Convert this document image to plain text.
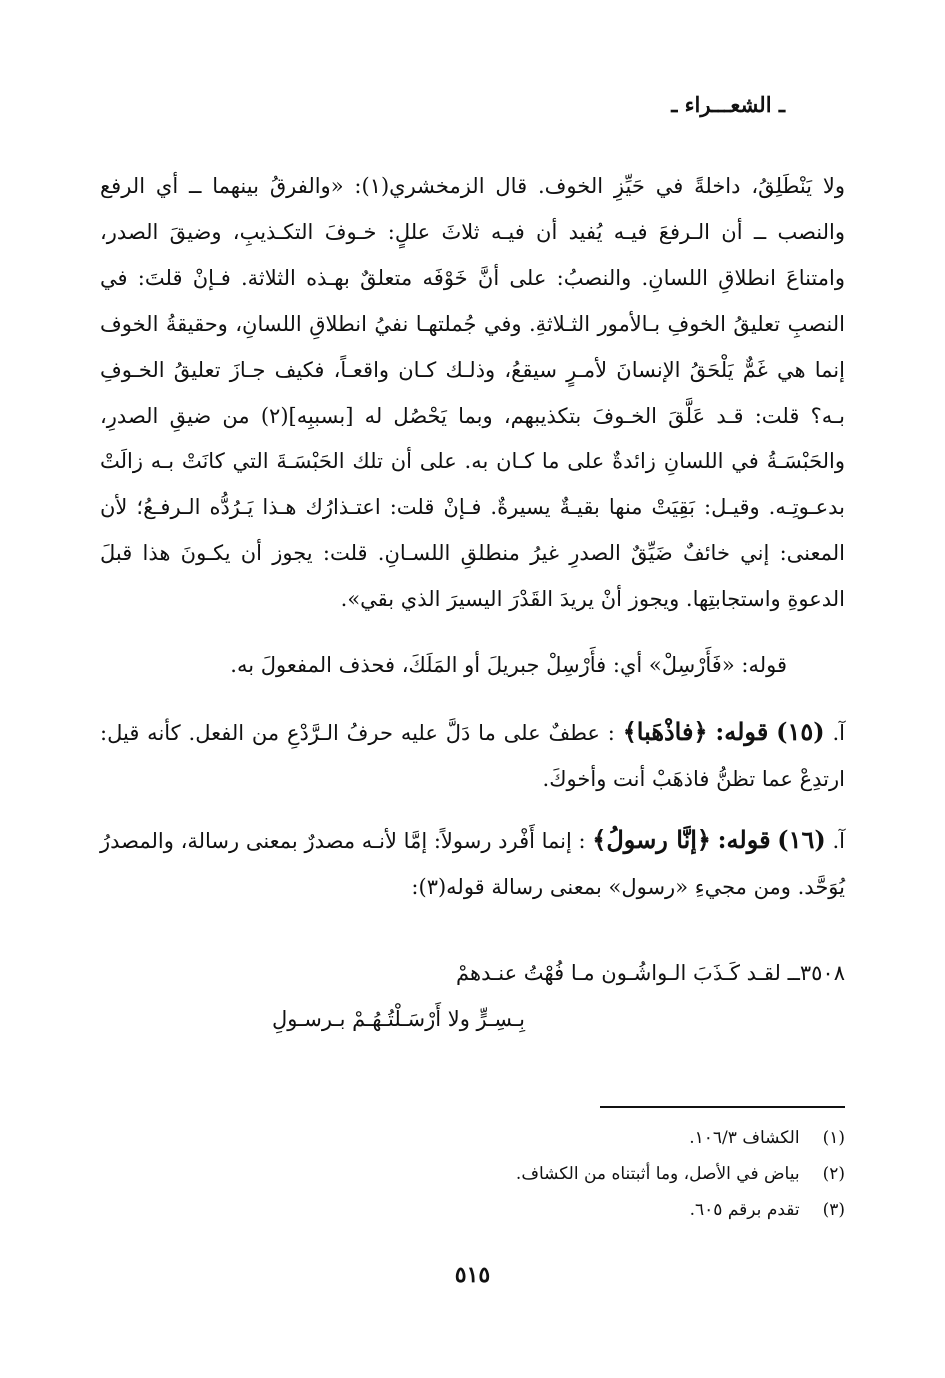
ـ الشعـــراء ـ

ولا يَنْطَلِقُ، داخلةً في حَيِّزِ الخوف. قال الزمخشري(١): «والفرقُ بينهما ــ أي الرفع والنصب ــ أن الـرفعَ فيـه يُفيد أن فيـه ثلاثَ عللٍ: خـوفَ التكـذيبِ، وضيقَ الصدر، وامتناعَ انطلاقِ اللسانِ. والنصبُ: على أنَّ خَوْفَه متعلقٌ بهـذه الثلاثة. فـإنْ قلتَ: في النصبِ تعليقُ الخوفِ بـالأمور الثـلاثةِ. وفي جُملتهـا نفيُ انطلاقِ اللسانِ، وحقيقةُ الخوف إنما هي غَمٌّ يَلْحَقُ الإنسانَ لأمـرٍ سيقعُ، وذلـك كـان واقعـاً، فكيف جـازَ تعليقُ الخـوفِ بـه؟ قلت: قـد عَلَّقَ الخـوفَ بتكذيبهم، وبما يَحْصُل له [بسببِه](٢) من ضيقِ الصدرِ، والحَبْسَـةُ في اللسانِ زائدةٌ على ما كـان به. على أن تلك الحَبْسَـةَ التي كانَتْ بـه زالَتْ بدعـوتِـه. وقيـل: بَقِيَتْ منها بقيـةٌ يسيرةٌ. فـإنْ قلت: اعتـذارُك هـذا يَـرُدُّه الـرفـعُ؛ لأن المعنى: إني خائفٌ ضَيِّقٌ الصدرِ غيرُ منطلقِ اللسـانِ. قلت: يجوز أن يكـونَ هذا قبلَ الدعوةِ واستجابتِها. ويجوز أنْ يريدَ القَدْرَ اليسيرَ الذي بقي».

قوله: «فَأَرْسِلْ» أي: فأَرْسِلْ جبريلَ أو المَلَكَ، فحذف المفعولَ به.

آ. (١٥) قوله: ﴿فاذْهَبا﴾ : عطفٌ على ما دَلَّ عليه حرفُ الـرَّدْعِ من الفعل. كأنه قيل: ارتدِعْ عما تظنُّ فاذهَبْ أنت وأخوكَ.

آ. (١٦) قوله: ﴿إنَّا رسولُ﴾ : إنما أَفْرد رسولاً: إمَّا لأنـه مصدرٌ بمعنى رسالة، والمصدرُ يُوَحَّد. ومن مجيءِ «رسول» بمعنى رسالة قوله(٣):

٣٥٠٨ــ لقـد كَـذَبَ الـواشُـون مـا فُهْتُ عنـدهمْ
بِـسِـرٍّ ولا أَرْسَـلْتُـهُـمْ بـرسـولِ
(١) الكشاف ١٠٦/٣.
(٢) بياض في الأصل، وما أثبتناه من الكشاف.
(٣) تقدم برقم ٦٠٥.
٥١٥
